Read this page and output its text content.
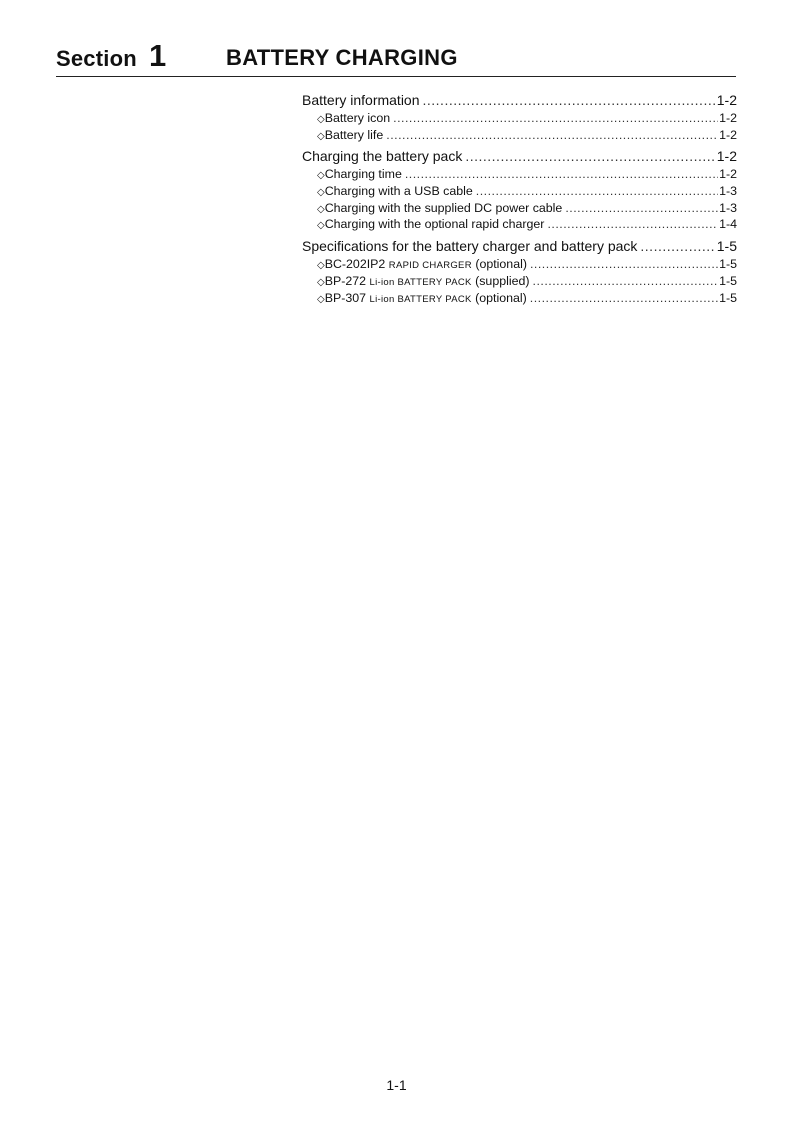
Section 1	BATTERY CHARGING
Battery information .....	1-2
◇ Battery icon .....	1-2
◇ Battery life .....	1-2
Charging the battery pack .....	1-2
◇ Charging time .....	1-2
◇ Charging with a USB cable .....	1-3
◇ Charging with the supplied DC power cable .....	1-3
◇ Charging with the optional rapid charger .....	1-4
Specifications for the battery charger and battery pack .....	1-5
◇ BC-202IP2 RAPID CHARGER (optional) .....	1-5
◇ BP-272 Li-ion BATTERY PACK (supplied) .....	1-5
◇ BP-307 Li-ion BATTERY PACK (optional) .....	1-5
1-1
